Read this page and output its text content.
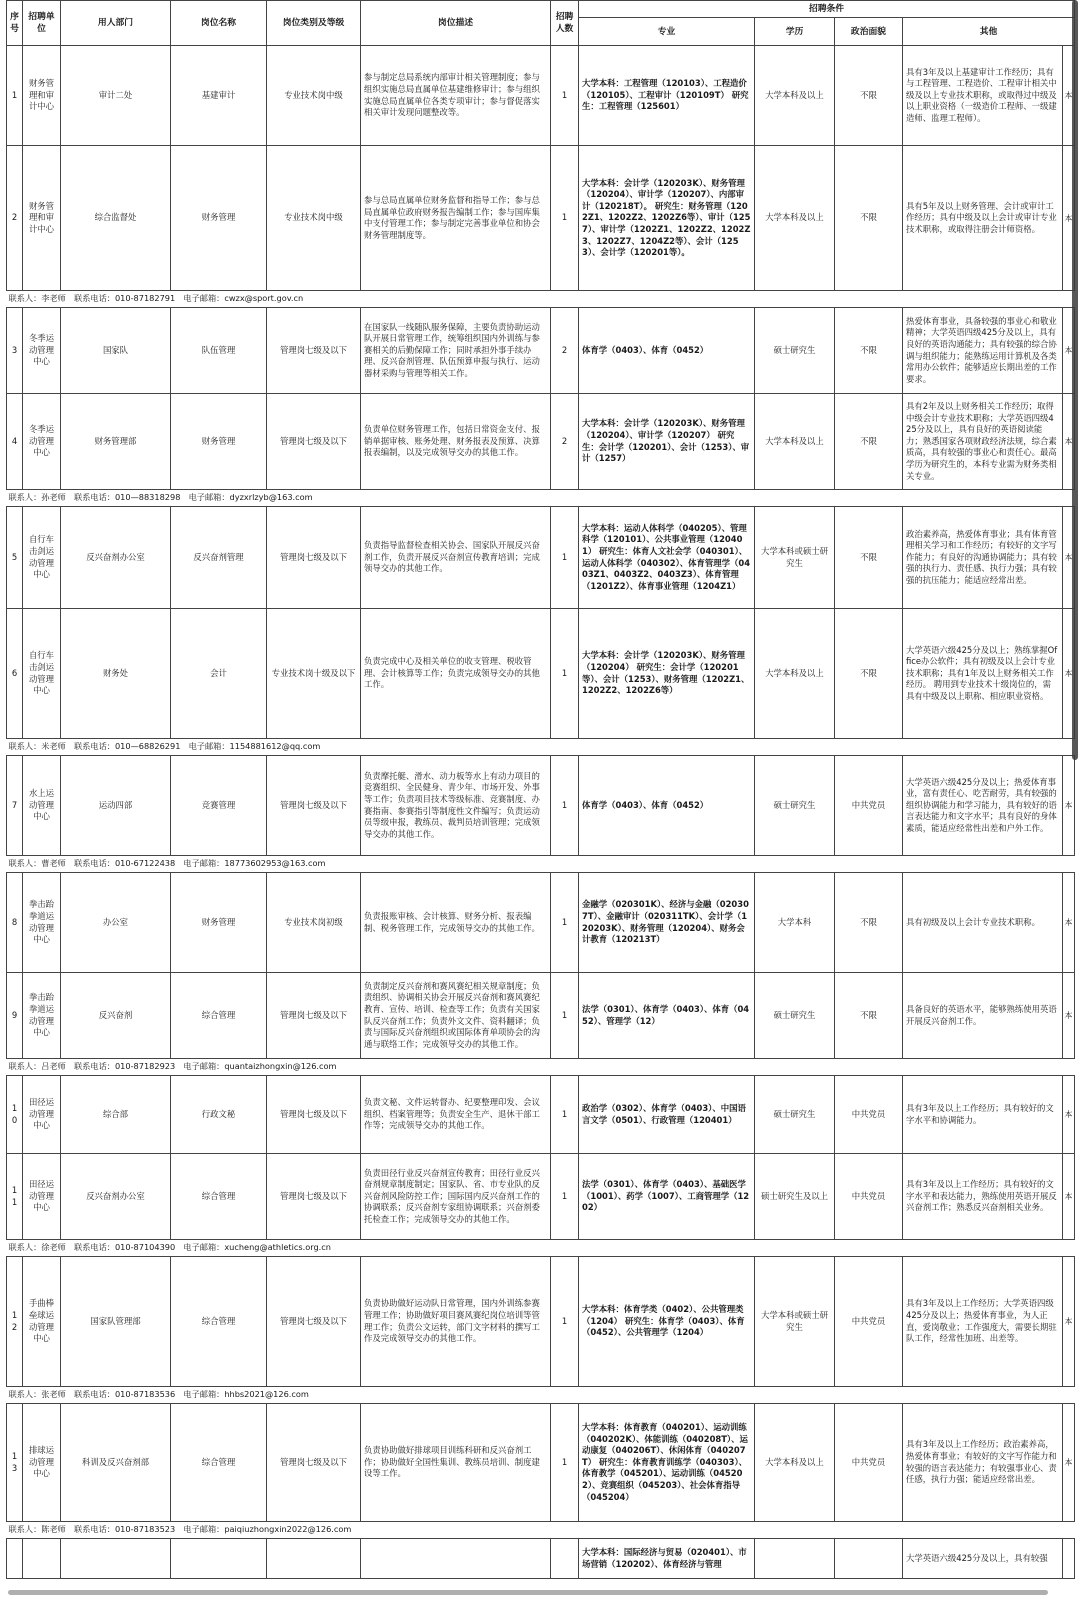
序号	招聘单位	用人部门	岗位名称	岗位类别及等级	岗位描述	招聘人数	招聘条件				
							专业	学历	政治面貌	其他	
1	财务管理和审计中心	审计二处	基建审计	专业技术岗中级	参与制定总局系统内部审计相关管理制度；参与组织实施总局直属单位基建维修审计；参与组织实施总局直属单位各类专项审计；参与督促落实相关审计发现问题整改等。	1	大学本科：工程管理（120103）、工程造价（120105）、工程审计（120109T） 研究生：工程管理（125601）	大学本科及以上	不限	具有3年及以上基建审计工作经历；具有与工程管理、工程造价、工程审计相关中级及以上专业技术职称，或取得过中级及以上职业资格（一级造价工程师、一级建造师、监理工程师）。	本
2	财务管理和审计中心	综合监督处	财务管理	专业技术岗中级	参与总局直属单位财务监督和指导工作；参与总局直属单位政府财务报告编制工作；参与国库集中支付管理工作；参与制定完善事业单位和协会财务管理制度等。	1	大学本科：会计学（120203K）、财务管理（120204）、审计学（120207）、内部审计（120218T）。 研究生：财务管理（1202Z1、1202Z2、1202Z6等）、审计（1257）、审计学（1202Z1、1202Z2、1202Z3、1202Z7、1204Z2等）、会计（1253）、会计学（120201等）。	大学本科及以上	不限	具有5年及以上财务管理、会计或审计工作经历；具有中级及以上会计或审计专业技术职称，或取得注册会计师资格。	本
联系人：李老师　联系电话：010-87182791　电子邮箱：cwzx@sport.gov.cn											
3	冬季运动管理中心	国家队	队伍管理	管理岗七级及以下	在国家队一线随队服务保障，主要负责协助运动队开展日常管理工作，统筹组织国内外训练与参赛相关的后勤保障工作；同时承担外事手续办理、反兴奋剂管理、队伍预算申报与执行、运动器材采购与管理等相关工作。	2	体育学（0403）、体育（0452）	硕士研究生	不限	热爱体育事业，具备较强的事业心和敬业精神；大学英语四级425分及以上，具有良好的英语沟通能力；具有较强的综合协调与组织能力；能熟练运用计算机及各类常用办公软件；能够适应长期出差的工作要求。	本
4	冬季运动管理中心	财务管理部	财务管理	管理岗七级及以下	负责单位财务管理工作，包括日常资金支付、报销单据审核、账务处理、财务报表及预算、决算报表编制，以及完成领导交办的其他工作。	2	大学本科：会计学（120203K）、财务管理（120204）、审计学（120207） 研究生：会计学（120201）、会计（1253）、审计（1257）	大学本科及以上	不限	具有2年及以上财务相关工作经历；取得中级会计专业技术职称；大学英语四级425分及以上，具有良好的英语阅读能力；熟悉国家各项财政经济法规，综合素质高，具有较强的事业心和责任心。最高学历为研究生的，本科专业需为财务类相关专业。	本
联系人：孙老师　联系电话：010—88318298　电子邮箱：dyzxrlzyb@163.com											
5	自行车击剑运动管理中心	反兴奋剂办公室	反兴奋剂管理	管理岗七级及以下	负责指导监督检查相关协会、国家队开展反兴奋剂工作，负责开展反兴奋剂宣传教育培训；完成领导交办的其他工作。	1	大学本科：运动人体科学（040205）、管理科学（120101）、公共事业管理（120401） 研究生：体育人文社会学（040301）、运动人体科学（040302）、体育管理学（0403Z1、0403Z2、0403Z3）、体育管理（1201Z2）、体育事业管理（1204Z1）	大学本科或硕士研究生	不限	政治素养高，热爱体育事业；具有体育管理相关学习和工作经历；有较好的文字写作能力；有良好的沟通协调能力；具有较强的执行力、责任感、执行力强；具有较强的抗压能力；能适应经常出差。	本
6	自行车击剑运动管理中心	财务处	会计	专业技术岗十级及以下	负责完成中心及相关单位的收支管理、税收管理、会计核算等工作；负责完成领导交办的其他工作。	1	大学本科：会计学（120203K）、财务管理（120204） 研究生：会计学（120201等）、会计（1253）、财务管理（1202Z1、1202Z2、1202Z6等）	大学本科及以上	不限	大学英语六级425分及以上；熟练掌握Office办公软件；具有初级及以上会计专业技术职称；具有1年及以上财务相关工作经历。 聘用到专业技术十级岗位的，需具有中级及以上职称、相应职业资格。	本
联系人：米老师　联系电话：010—68826291　电子邮箱：1154881612@qq.com											
7	水上运动管理中心	运动四部	竞赛管理	管理岗七级及以下	负责摩托艇、滑水、动力板等水上有动力项目的竞赛组织、全民健身、青少年、市场开发、外事等工作；负责项目技术等级标准、竞赛制度、办赛指南、参赛指引等制度性文件编写；负责运动员等级申报，教练员、裁判员培训管理；完成领导交办的其他工作。	1	体育学（0403）、体育（0452）	硕士研究生	中共党员	大学英语六级425分及以上；热爱体育事业，富有责任心、吃苦耐劳，具有较强的组织协调能力和学习能力，具有较好的语言表达能力和文字水平；具有良好的身体素质，能适应经常性出差和户外工作。	本
联系人：曹老师　联系电话：010-67122438　电子邮箱：18773602953@163.com											
8	拳击跆拳道运动管理中心	办公室	财务管理	专业技术岗初级	负责报账审核、会计核算、财务分析、报表编制、税务管理工作，完成领导交办的其他工作。	1	金融学（020301K）、经济与金融（020307T）、金融审计（020311TK）、会计学（120203K）、财务管理（120204）、财务会计教育（120213T）	大学本科	不限	具有初级及以上会计专业技术职称。	本
9	拳击跆拳道运动管理中心	反兴奋剂	综合管理	管理岗七级及以下	负责制定反兴奋剂和赛风赛纪相关规章制度；负责组织、协调相关协会开展反兴奋剂和赛风赛纪教育、宣传、培训、检查等工作；负责有关国家队反兴奋剂工作；负责外文文件、资料翻译；负责与国际反兴奋剂组织或国际体育单项协会的沟通与联络工作；完成领导交办的其他工作。	1	法学（0301）、体育学（0403）、体育（0452）、管理学（12）	硕士研究生	不限	具备良好的英语水平，能够熟练使用英语开展反兴奋剂工作。	本
联系人：吕老师　联系电话：010-87182923　电子邮箱：quantaizhongxin@126.com											
10	田径运动管理中心	综合部	行政文秘	管理岗七级及以下	负责文秘、文件运转督办、纪要整理印发、会议组织、档案管理等；负责安全生产、退休干部工作等；完成领导交办的其他工作。	1	政治学（0302）、体育学（0403）、中国语言文学（0501）、行政管理（120401）	硕士研究生	中共党员	具有3年及以上工作经历；具有较好的文字水平和协调能力。	本
11	田径运动管理中心	反兴奋剂办公室	综合管理	管理岗七级及以下	负责田径行业反兴奋剂宣传教育；田径行业反兴奋剂规章制度制定；国家队、省、市专业队的反兴奋剂风险防控工作；国际国内反兴奋剂工作的协调联系；反兴奋剂专家组协调联系；兴奋剂委托检查工作；完成领导交办的其他工作。	1	法学（0301）、体育学（0403）、基础医学（1001）、药学（1007）、工商管理学（1202）	硕士研究生及以上	中共党员	具有3年及以上工作经历；具有较好的文字水平和表达能力，熟练使用英语开展反兴奋剂工作；熟悉反兴奋剂相关业务。	本
联系人：徐老师　联系电话：010-87104390　电子邮箱：xucheng@athletics.org.cn											
12	手曲棒垒球运动管理中心	国家队管理部	综合管理	管理岗七级及以下	负责协助做好运动队日常管理，国内外训练参赛管理工作；协助做好项目赛风赛纪岗位培训等管理工作；负责公文运转，部门文字材料的撰写工作及完成领导交办的其他工作。	1	大学本科：体育学类（0402）、公共管理类（1204） 研究生：体育学（0403）、体育（0452）、公共管理学（1204）	大学本科或硕士研究生	中共党员	具有3年及以上工作经历；大学英语四级425分及以上；热爱体育事业，为人正直，爱岗敬业；工作强度大，需要长期驻队工作，经常性加班、出差等。	本
联系人：张老师　联系电话：010-87183536　电子邮箱：hhbs2021@126.com											
13	排球运动管理中心	科训及反兴奋剂部	综合管理	管理岗七级及以下	负责协助做好排球项目训练科研和反兴奋剂工作；协助做好全国性集训、教练员培训、制度建设等工作。	1	大学本科：体育教育（040201）、运动训练（040202K）、体能训练（040208T）、运动康复（040206T）、休闲体育（040207T） 研究生：体育教育训练学（040303）、体育教学（045201）、运动训练（045202）、竞赛组织（045203）、社会体育指导（045204）	大学本科及以上	中共党员	具有3年及以上工作经历；政治素养高，热爱体育事业；有较好的文字写作能力和较强的语言表达能力；有较强事业心、责任感，执行力强；能适应经常出差。	本
联系人：陈老师　联系电话：010-87183523　电子邮箱：paiqiuzhongxin2022@126.com											
							大学本科：国际经济与贸易（020401）、市场营销（120202）、体育经济与管理			大学英语六级425分及以上，具有较强	
